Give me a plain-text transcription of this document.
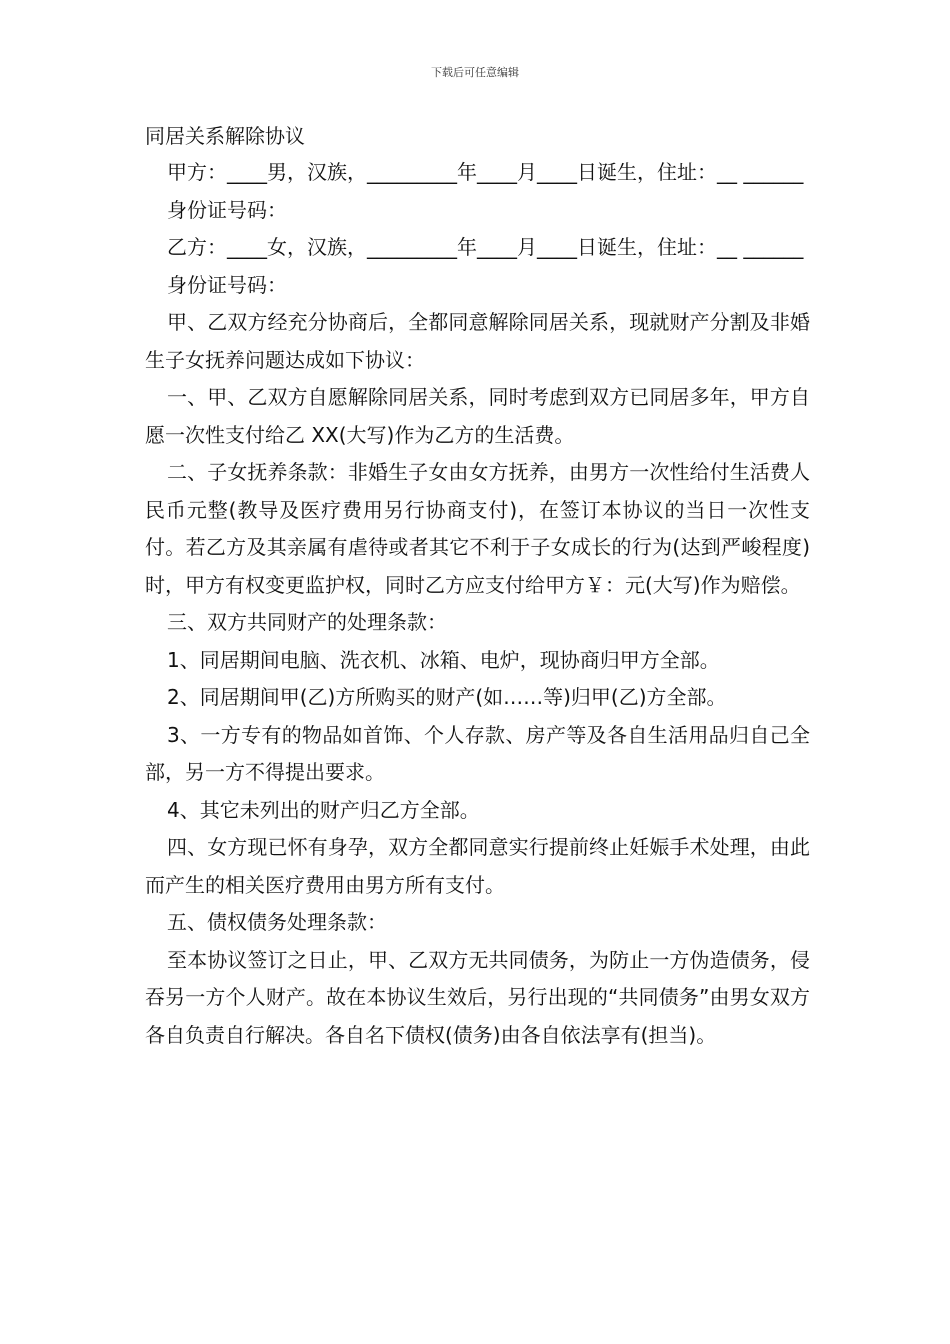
下载后可任意编辑
同居关系解除协议

甲方：____男，汉族，_________年____月____日诞生，住址：__ ______

身份证号码：

乙方：____女，汉族，_________年____月____日诞生，住址：__ ______

身份证号码：

甲、乙双方经充分协商后，全都同意解除同居关系，现就财产分割及非婚生子女抚养问题达成如下协议：

一、甲、乙双方自愿解除同居关系，同时考虑到双方已同居多年，甲方自愿一次性支付给乙 XX(大写)作为乙方的生活费。

二、子女抚养条款：非婚生子女由女方抚养，由男方一次性给付生活费人民币元整(教导及医疗费用另行协商支付)，在签订本协议的当日一次性支付。若乙方及其亲属有虐待或者其它不利于子女成长的行为(达到严峻程度)时，甲方有权变更监护权，同时乙方应支付给甲方￥：元(大写)作为赔偿。

三、双方共同财产的处理条款：

1、同居期间电脑、洗衣机、冰箱、电炉，现协商归甲方全部。

2、同居期间甲(乙)方所购买的财产(如……等)归甲(乙)方全部。

3、一方专有的物品如首饰、个人存款、房产等及各自生活用品归自己全部，另一方不得提出要求。

4、其它未列出的财产归乙方全部。

四、女方现已怀有身孕，双方全都同意实行提前终止妊娠手术处理，由此而产生的相关医疗费用由男方所有支付。

五、债权债务处理条款：

至本协议签订之日止，甲、乙双方无共同债务，为防止一方伪造债务，侵吞另一方个人财产。故在本协议生效后，另行出现的“共同债务”由男女双方各自负责自行解决。各自名下债权(债务)由各自依法享有(担当)。
